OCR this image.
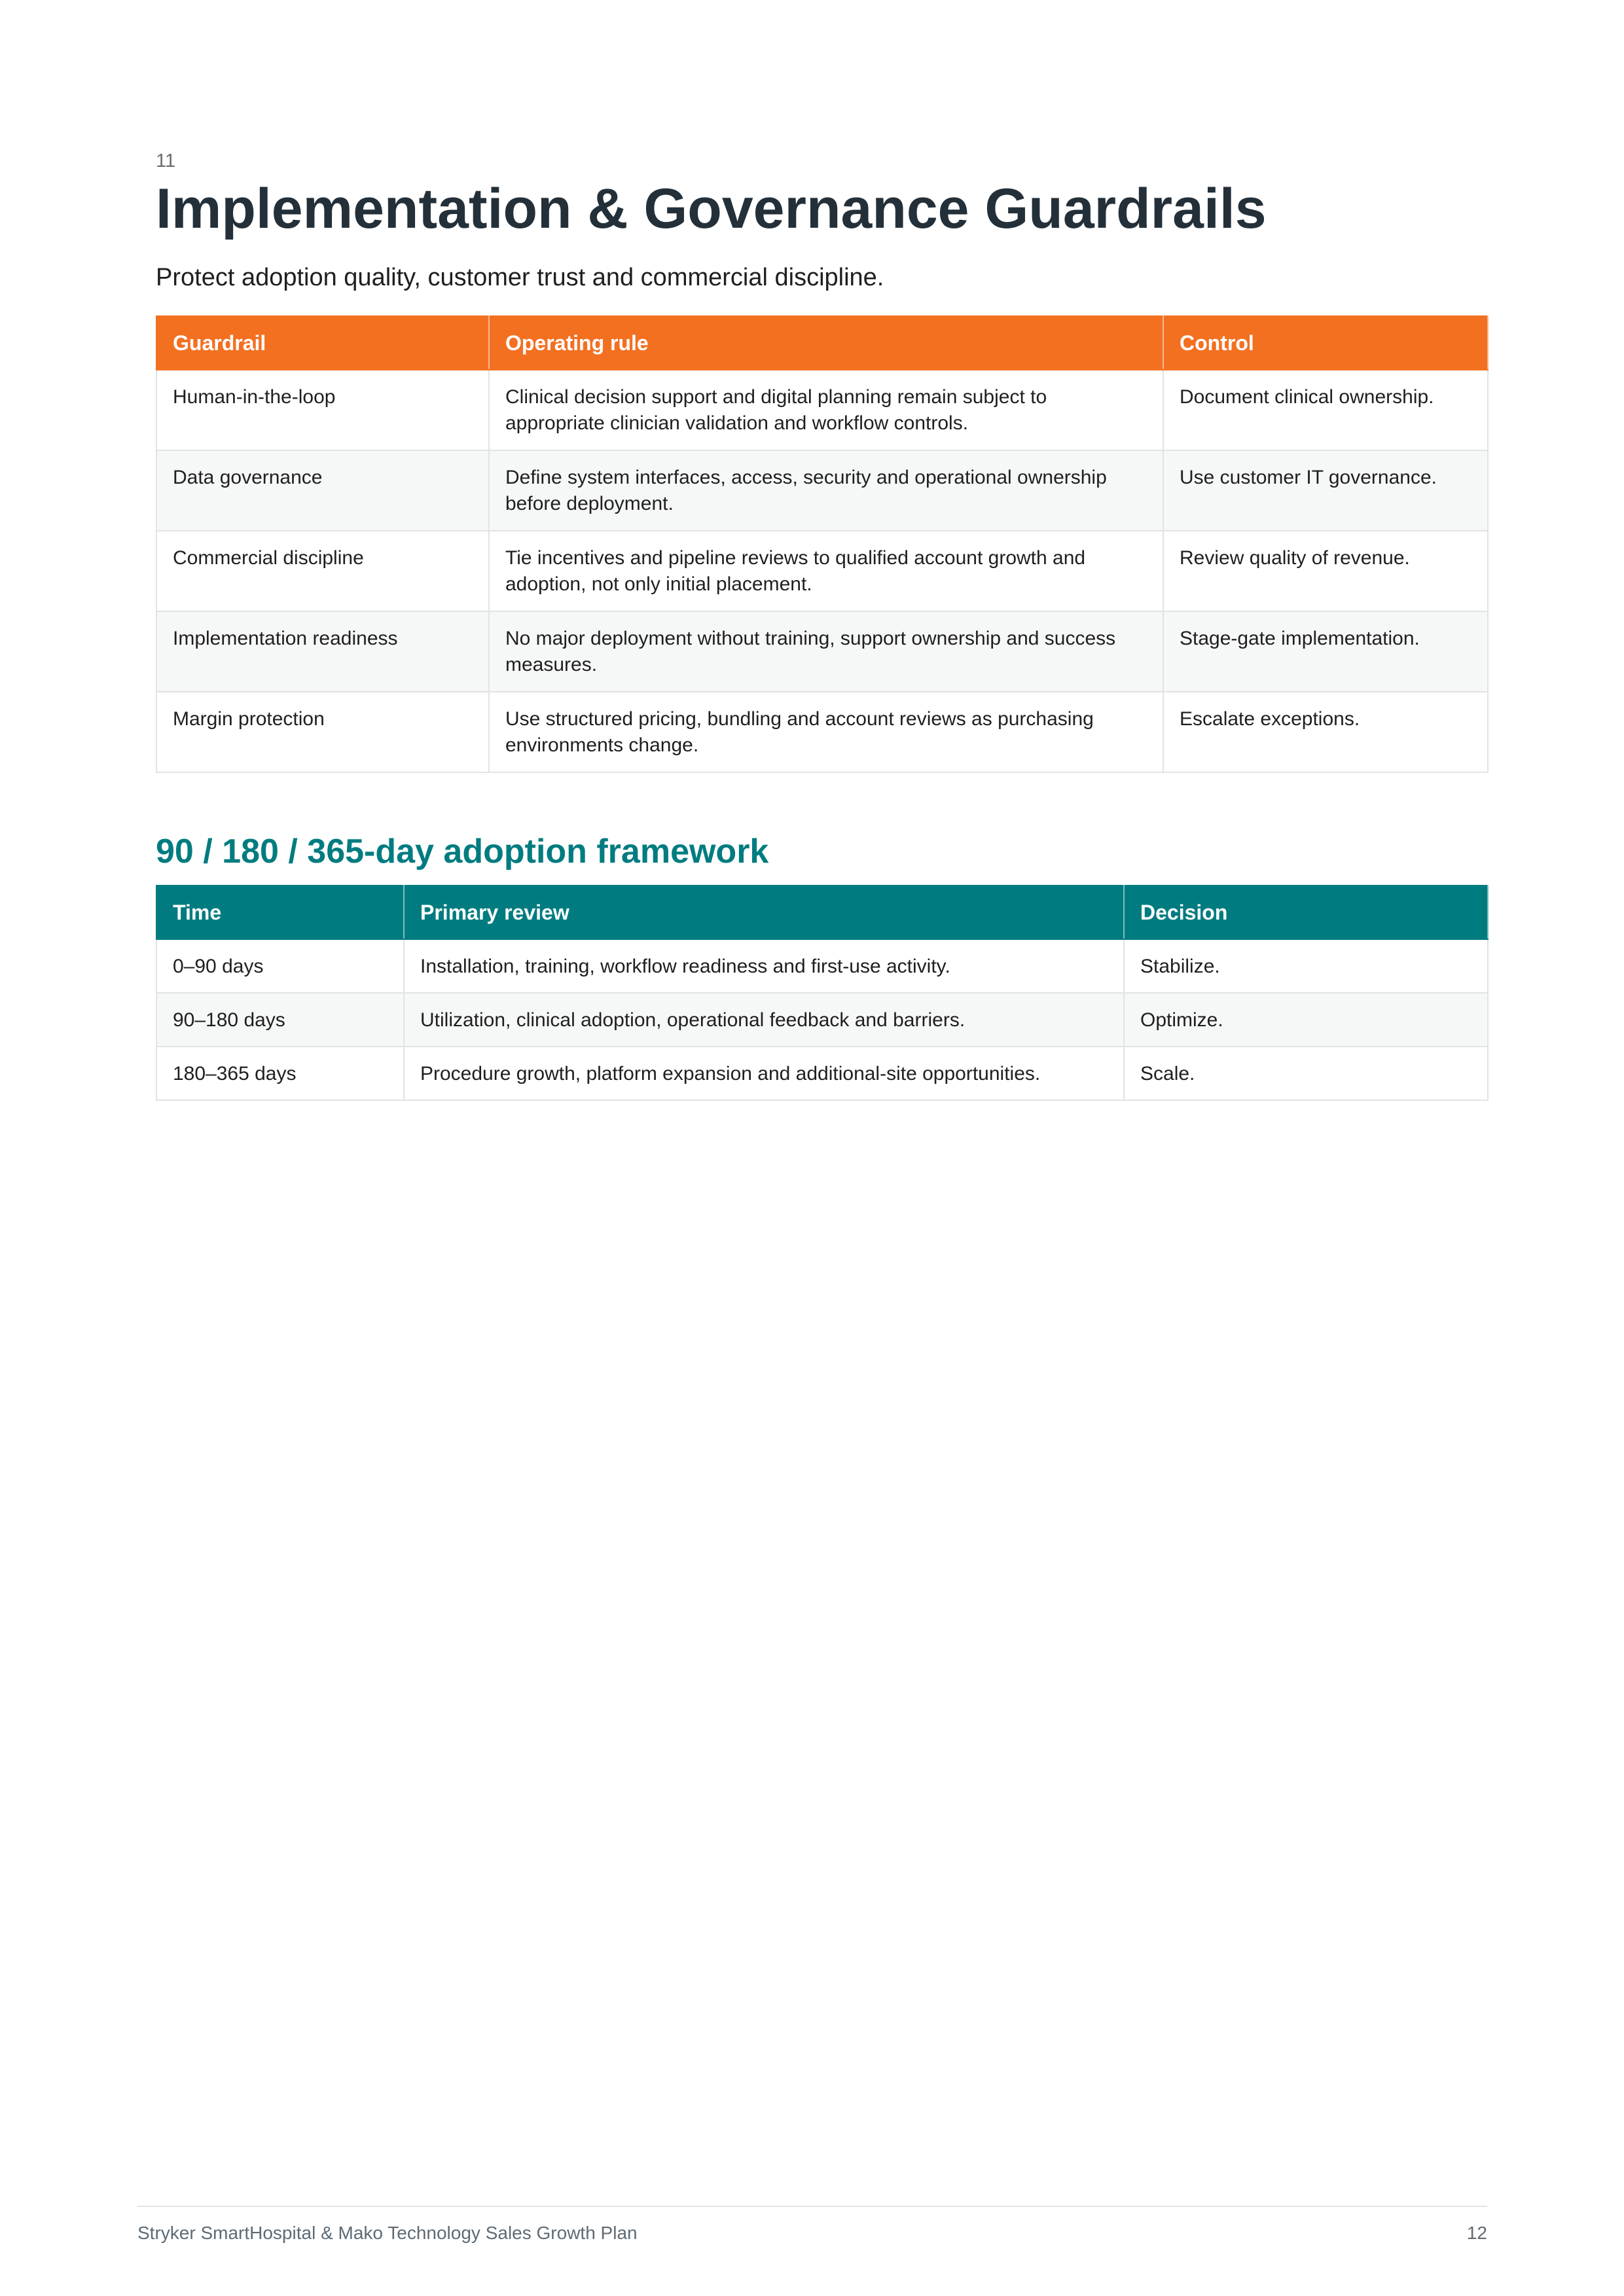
11
Implementation & Governance Guardrails

Protect adoption quality, customer trust and commercial discipline.

Guardrail	Operating rule	Control
Human-in-the-loop	Clinical decision support and digital planning remain subject to appropriate clinician validation and workflow controls.	Document clinical ownership.
Data governance	Define system interfaces, access, security and operational ownership before deployment.	Use customer IT governance.
Commercial discipline	Tie incentives and pipeline reviews to qualified account growth and adoption, not only initial placement.	Review quality of revenue.
Implementation readiness	No major deployment without training, support ownership and success measures.	Stage-gate implementation.
Margin protection	Use structured pricing, bundling and account reviews as purchasing environments change.	Escalate exceptions.
90 / 180 / 365-day adoption framework
Time	Primary review	Decision
0–90 days	Installation, training, workflow readiness and first-use activity.	Stabilize.
90–180 days	Utilization, clinical adoption, operational feedback and barriers.	Optimize.
180–365 days	Procedure growth, platform expansion and additional-site opportunities.	Scale.
Stryker SmartHospital & Mako Technology Sales Growth Plan	12
